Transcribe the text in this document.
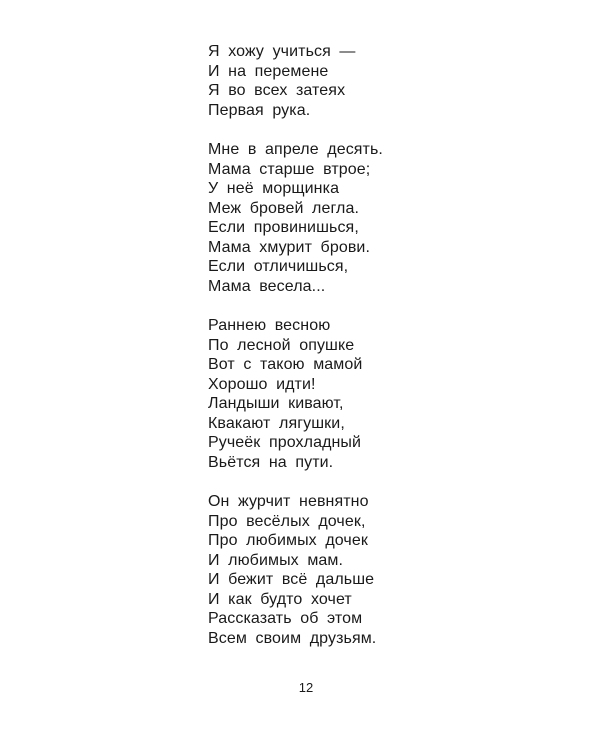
Я хожу учиться —
И на перемене
Я во всех затеях
Первая рука.
Мне в апреле десять.
Мама старше втрое;
У неё морщинка
Меж бровей легла.
Если провинишься,
Мама хмурит брови.
Если отличишься,
Мама весела...
Раннею весною
По лесной опушке
Вот с такою мамой
Хорошо идти!
Ландыши кивают,
Квакают лягушки,
Ручеёк прохладный
Вьётся на пути.
Он журчит невнятно
Про весёлых дочек,
Про любимых дочек
И любимых мам.
И бежит всё дальше
И как будто хочет
Рассказать об этом
Всем своим друзьям.
12
